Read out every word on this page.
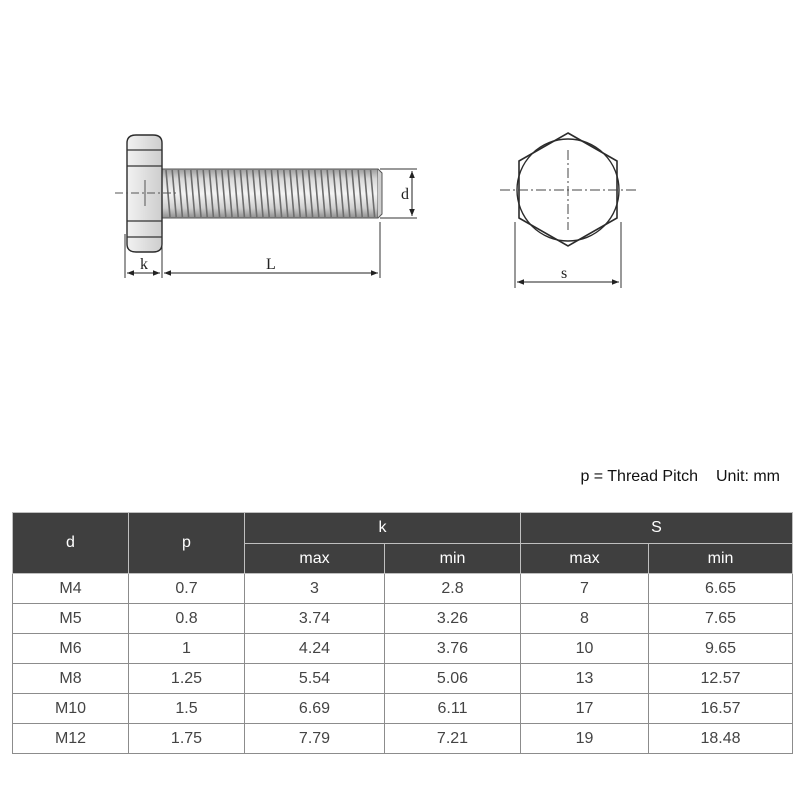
d
k	L
s
p = Thread Pitch Unit: mm
d	p	k		S	
		max	min	max	min
M4	0.7	3	2.8	7	6.65
M5	0.8	3.74	3.26	8	7.65
M6	1	4.24	3.76	10	9.65
M8	1.25	5.54	5.06	13	12.57
M10	1.5	6.69	6.11	17	16.57
M12	1.75	7.79	7.21	19	18.48
